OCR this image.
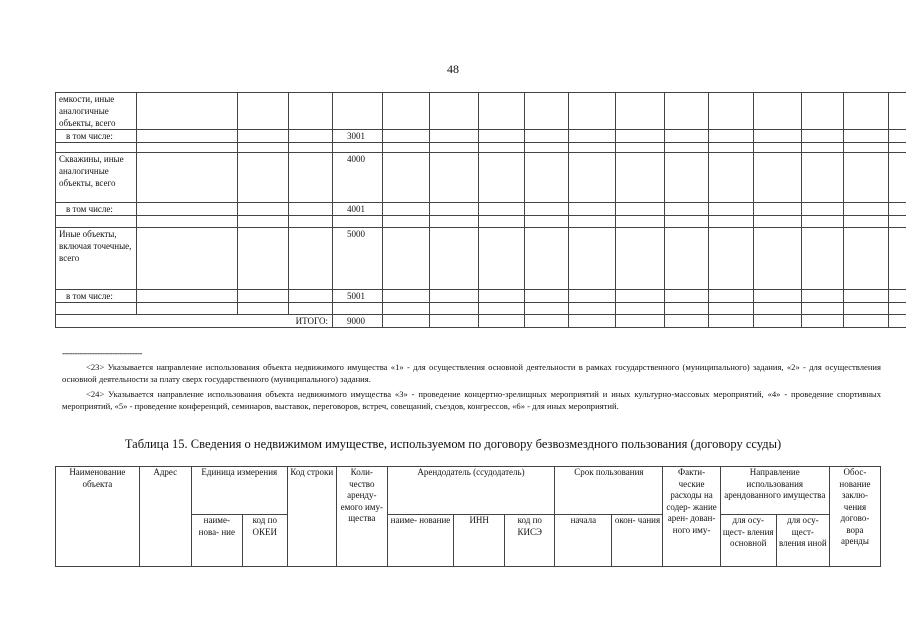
48
емкости, иные аналогичные объекты, всего																
в том числе:				3001												

Скважины, иные аналогичные объекты, всего				4000												
в том числе:				4001												

Иные объекты, включая точечные, всего				5000												
в том числе:				5001												

ИТОГО:				9000												
--------------------------------
<23> Указывается направление использования объекта недвижимого имущества «1» - для осуществления основной деятельности в рамках государственного (муниципального) задания, «2» - для осуществления основной деятельности за плату сверх государственного (муниципального) задания.
<24> Указывается направление использования объекта недвижимого имущества «3» - проведение концертно-зрелищных мероприятий и иных культурно-массовых мероприятий, «4» - проведение спортивных мероприятий, «5» - проведение конференций, семинаров, выставок, переговоров, встреч, совещаний, съездов, конгрессов, «6» - для иных мероприятий.
Таблица 15. Сведения о недвижимом имуществе, используемом по договору безвозмездного пользования (договору ссуды)
Наименование объекта	Адрес	Единица измерения		Код строки	Коли- чество аренду- емого иму- щества	Арендодатель (ссудодатель)			Срок пользования		Факти- ческие расходы на содер- жание арен- дован- ного иму-	Направление использования арендованного имущества		Обос- нование заклю- чения догово- вора аренды
		наиме- нова- ние	код по ОКЕИ			наиме- нование	ИНН	код по КИСЭ	начала	окон- чания		для осу- щест- вления основной	для осу- щест- вления иной	
